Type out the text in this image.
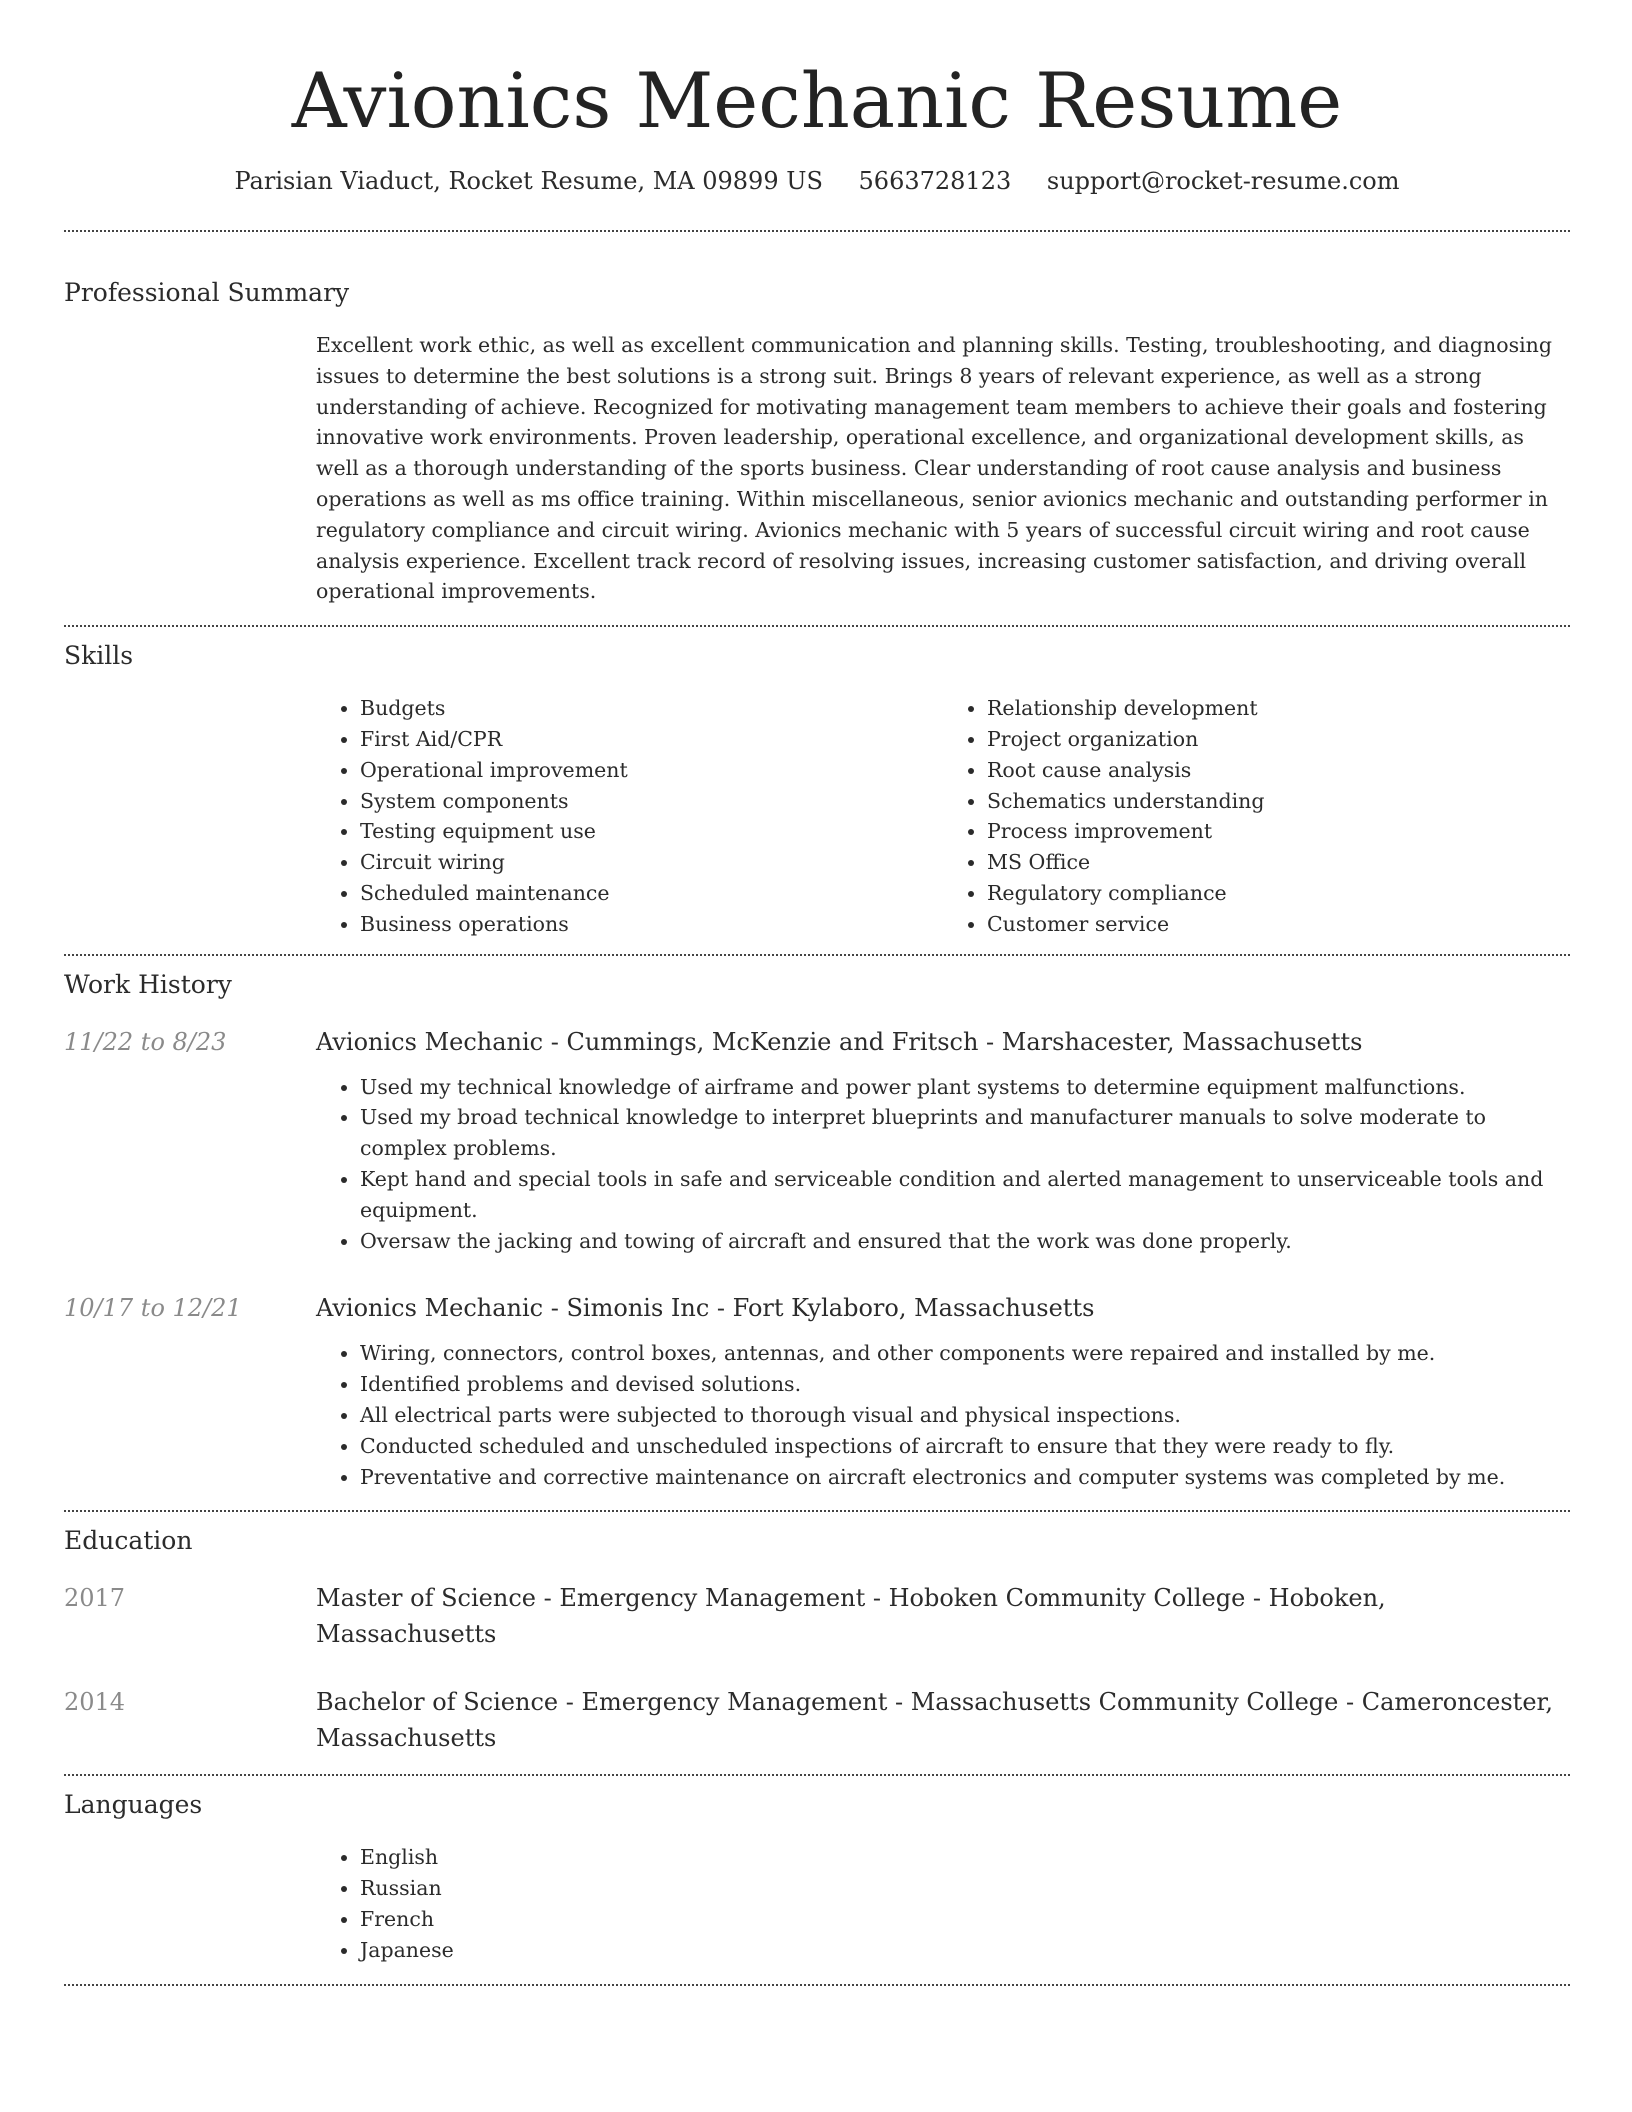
Avionics Mechanic Resume
Parisian Viaduct, Rocket Resume, MA 09899 US 5663728123 support@rocket-resume.com
Professional Summary

Excellent work ethic, as well as excellent communication and planning skills. Testing, troubleshooting, and diagnosing issues to determine the best solutions is a strong suit. Brings 8 years of relevant experience, as well as a strong understanding of achieve. Recognized for motivating management team members to achieve their goals and fostering innovative work environments. Proven leadership, operational excellence, and organizational development skills, as well as a thorough understanding of the sports business. Clear understanding of root cause analysis and business operations as well as ms office training. Within miscellaneous, senior avionics mechanic and outstanding performer in regulatory compliance and circuit wiring. Avionics mechanic with 5 years of successful circuit wiring and root cause analysis experience. Excellent track record of resolving issues, increasing customer satisfaction, and driving overall operational improvements.

Skills
• Budgets
• First Aid/CPR
• Operational improvement
• System components
• Testing equipment use
• Circuit wiring
• Scheduled maintenance
• Business operations
• Relationship development
• Project organization
• Root cause analysis
• Schematics understanding
• Process improvement
• MS Office
• Regulatory compliance
• Customer service
Work History
11/22 to 8/23	Avionics Mechanic - Cummings, McKenzie and Fritsch - Marshacester, Massachusetts
• Used my technical knowledge of airframe and power plant systems to determine equipment malfunctions.
• Used my broad technical knowledge to interpret blueprints and manufacturer manuals to solve moderate to complex problems.
• Kept hand and special tools in safe and serviceable condition and alerted management to unserviceable tools and equipment.
• Oversaw the jacking and towing of aircraft and ensured that the work was done properly.
10/17 to 12/21	Avionics Mechanic - Simonis Inc - Fort Kylaboro, Massachusetts
• Wiring, connectors, control boxes, antennas, and other components were repaired and installed by me.
• Identified problems and devised solutions.
• All electrical parts were subjected to thorough visual and physical inspections.
• Conducted scheduled and unscheduled inspections of aircraft to ensure that they were ready to fly.
• Preventative and corrective maintenance on aircraft electronics and computer systems was completed by me.
Education
2017	Master of Science - Emergency Management - Hoboken Community College - Hoboken, Massachusetts
2014	Bachelor of Science - Emergency Management - Massachusetts Community College - Cameroncester, Massachusetts
Languages
• English
• Russian
• French
• Japanese
